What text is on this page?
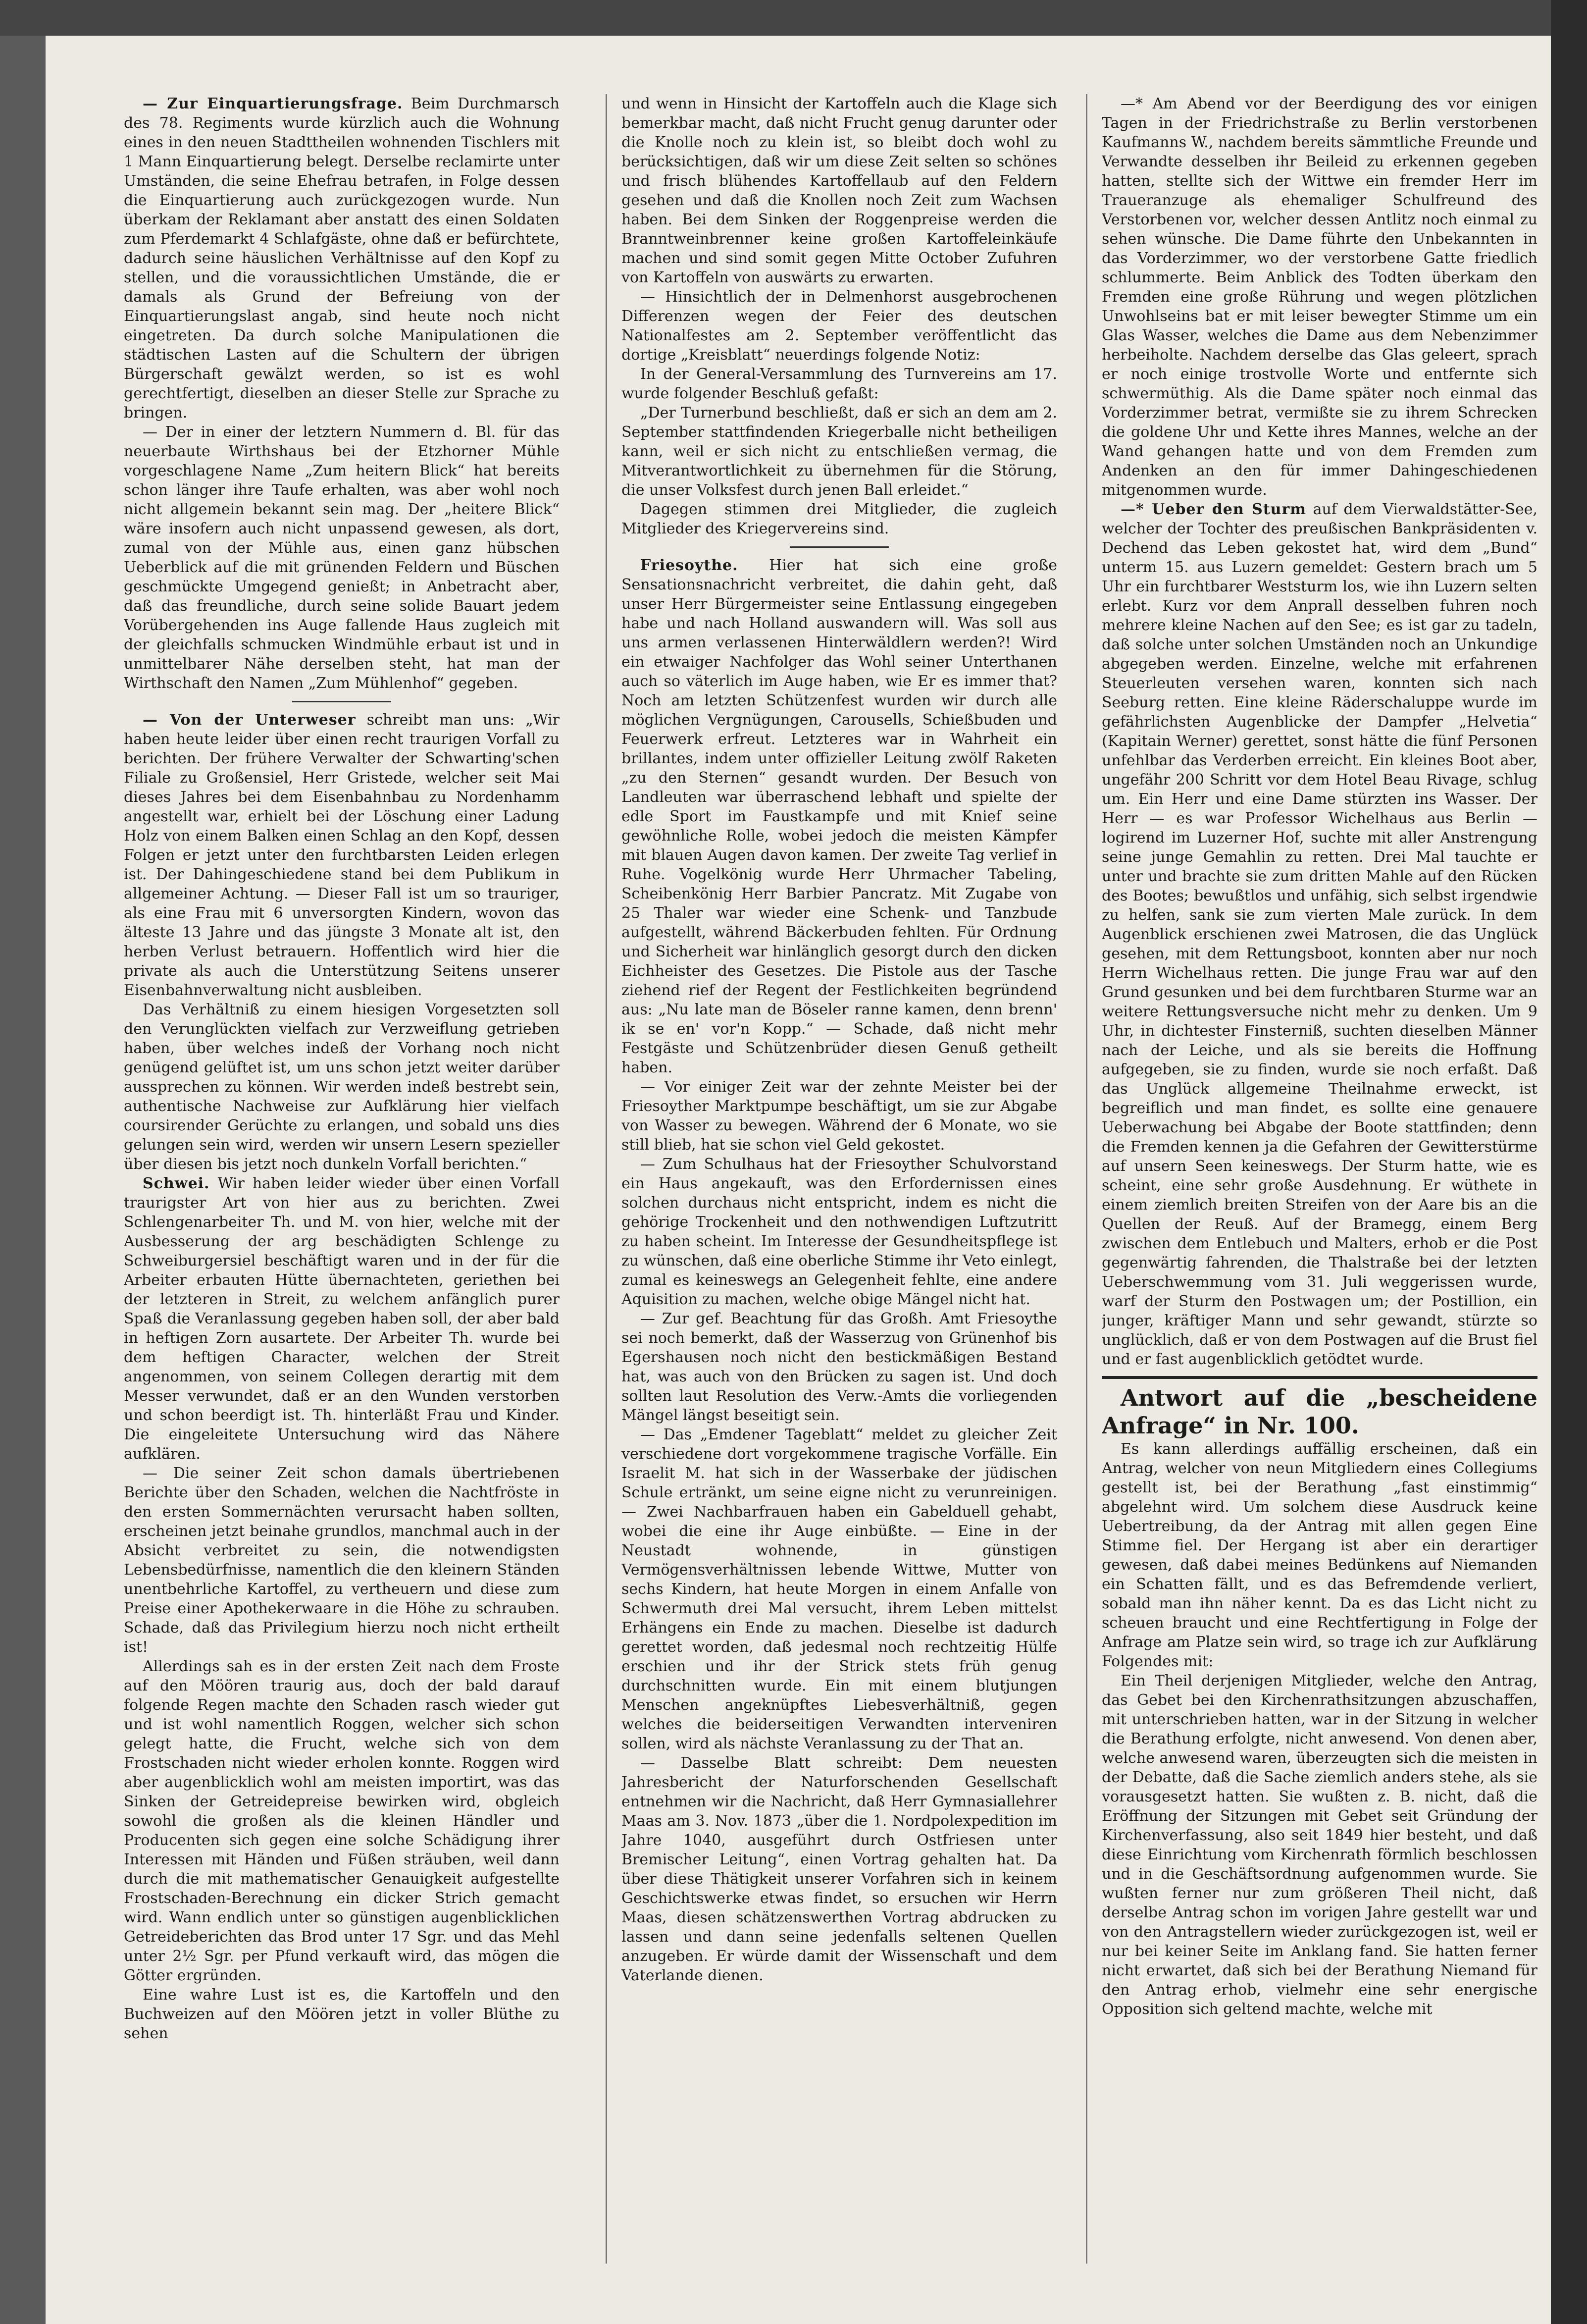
— Zur Einquartierungsfrage. Beim Durchmarsch des 78. Regiments wurde kürzlich auch die Wohnung eines in den neuen Stadttheilen wohnenden Tischlers mit 1 Mann Einquartierung belegt. Derselbe reclamirte unter Umständen, die seine Ehefrau betrafen, in Folge dessen die Einquartierung auch zurückgezogen wurde. Nun überkam der Reklamant aber anstatt des einen Soldaten zum Pferdemarkt 4 Schlafgäste, ohne daß er befürchtete, dadurch seine häuslichen Verhältnisse auf den Kopf zu stellen, und die voraussichtlichen Umstände, die er damals als Grund der Befreiung von der Einquartierungslast angab, sind heute noch nicht eingetreten. Da durch solche Manipulationen die städtischen Lasten auf die Schultern der übrigen Bürgerschaft gewälzt werden, so ist es wohl gerechtfertigt, dieselben an dieser Stelle zur Sprache zu bringen.

— Der in einer der letztern Nummern d. Bl. für das neuerbaute Wirthshaus bei der Etzhorner Mühle vorgeschlagene Name „Zum heitern Blick“ hat bereits schon länger ihre Taufe erhalten, was aber wohl noch nicht allgemein bekannt sein mag. Der „heitere Blick“ wäre insofern auch nicht unpassend gewesen, als dort, zumal von der Mühle aus, einen ganz hübschen Ueberblick auf die mit grünenden Feldern und Büschen geschmückte Umgegend genießt; in Anbetracht aber, daß das freundliche, durch seine solide Bauart jedem Vorübergehenden ins Auge fallende Haus zugleich mit der gleichfalls schmucken Windmühle erbaut ist und in unmittelbarer Nähe derselben steht, hat man der Wirthschaft den Namen „Zum Mühlenhof“ gegeben.

— Von der Unterweser schreibt man uns: „Wir haben heute leider über einen recht traurigen Vorfall zu berichten. Der frühere Verwalter der Schwarting'schen Filiale zu Großensiel, Herr Gristede, welcher seit Mai dieses Jahres bei dem Eisenbahnbau zu Nordenhamm angestellt war, erhielt bei der Löschung einer Ladung Holz von einem Balken einen Schlag an den Kopf, dessen Folgen er jetzt unter den furchtbarsten Leiden erlegen ist. Der Dahingeschiedene stand bei dem Publikum in allgemeiner Achtung. — Dieser Fall ist um so trauriger, als eine Frau mit 6 unversorgten Kindern, wovon das älteste 13 Jahre und das jüngste 3 Monate alt ist, den herben Verlust betrauern. Hoffentlich wird hier die private als auch die Unterstützung Seitens unserer Eisenbahnverwaltung nicht ausbleiben.

Das Verhältniß zu einem hiesigen Vorgesetzten soll den Verunglückten vielfach zur Verzweiflung getrieben haben, über welches indeß der Vorhang noch nicht genügend gelüftet ist, um uns schon jetzt weiter darüber aussprechen zu können. Wir werden indeß bestrebt sein, authentische Nachweise zur Aufklärung hier vielfach coursirender Gerüchte zu erlangen, und sobald uns dies gelungen sein wird, werden wir unsern Lesern spezieller über diesen bis jetzt noch dunkeln Vorfall berichten.“

Schwei. Wir haben leider wieder über einen Vorfall traurigster Art von hier aus zu berichten. Zwei Schlengenarbeiter Th. und M. von hier, welche mit der Ausbesserung der arg beschädigten Schlenge zu Schweiburgersiel beschäftigt waren und in der für die Arbeiter erbauten Hütte übernachteten, geriethen bei der letzteren in Streit, zu welchem anfänglich purer Spaß die Veranlassung gegeben haben soll, der aber bald in heftigen Zorn ausartete. Der Arbeiter Th. wurde bei dem heftigen Character, welchen der Streit angenommen, von seinem Collegen derartig mit dem Messer verwundet, daß er an den Wunden verstorben und schon beerdigt ist. Th. hinterläßt Frau und Kinder. Die eingeleitete Untersuchung wird das Nähere aufklären.

— Die seiner Zeit schon damals übertriebenen Berichte über den Schaden, welchen die Nachtfröste in den ersten Sommernächten verursacht haben sollten, erscheinen jetzt beinahe grundlos, manchmal auch in der Absicht verbreitet zu sein, die notwendigsten Lebensbedürfnisse, namentlich die den kleinern Ständen unentbehrliche Kartoffel, zu vertheuern und diese zum Preise einer Apothekerwaare in die Höhe zu schrauben. Schade, daß das Privilegium hierzu noch nicht ertheilt ist!

Allerdings sah es in der ersten Zeit nach dem Froste auf den Möören traurig aus, doch der bald darauf folgende Regen machte den Schaden rasch wieder gut und ist wohl namentlich Roggen, welcher sich schon gelegt hatte, die Frucht, welche sich von dem Frostschaden nicht wieder erholen konnte. Roggen wird aber augenblicklich wohl am meisten importirt, was das Sinken der Getreidepreise bewirken wird, obgleich sowohl die großen als die kleinen Händler und Producenten sich gegen eine solche Schädigung ihrer Interessen mit Händen und Füßen sträuben, weil dann durch die mit mathematischer Genauigkeit aufgestellte Frostschaden-Berechnung ein dicker Strich gemacht wird. Wann endlich unter so günstigen augenblicklichen Getreideberichten das Brod unter 17 Sgr. und das Mehl unter 2½ Sgr. per Pfund verkauft wird, das mögen die Götter ergründen.

Eine wahre Lust ist es, die Kartoffeln und den Buchweizen auf den Möören jetzt in voller Blüthe zu sehen

und wenn in Hinsicht der Kartoffeln auch die Klage sich bemerkbar macht, daß nicht Frucht genug darunter oder die Knolle noch zu klein ist, so bleibt doch wohl zu berücksichtigen, daß wir um diese Zeit selten so schönes und frisch blühendes Kartoffellaub auf den Feldern gesehen und daß die Knollen noch Zeit zum Wachsen haben. Bei dem Sinken der Roggenpreise werden die Branntweinbrenner keine großen Kartoffeleinkäufe machen und sind somit gegen Mitte October Zufuhren von Kartoffeln von auswärts zu erwarten.

— Hinsichtlich der in Delmenhorst ausgebrochenen Differenzen wegen der Feier des deutschen Nationalfestes am 2. September veröffentlicht das dortige „Kreisblatt“ neuerdings folgende Notiz:

In der General-Versammlung des Turnvereins am 17. wurde folgender Beschluß gefaßt:

„Der Turnerbund beschließt, daß er sich an dem am 2. September stattfindenden Kriegerballe nicht betheiligen kann, weil er sich nicht zu entschließen vermag, die Mitverantwortlichkeit zu übernehmen für die Störung, die unser Volksfest durch jenen Ball erleidet.“

Dagegen stimmen drei Mitglieder, die zugleich Mitglieder des Kriegervereins sind.

Friesoythe. Hier hat sich eine große Sensationsnachricht verbreitet, die dahin geht, daß unser Herr Bürgermeister seine Entlassung eingegeben habe und nach Holland auswandern will. Was soll aus uns armen verlassenen Hinterwäldlern werden?! Wird ein etwaiger Nachfolger das Wohl seiner Unterthanen auch so väterlich im Auge haben, wie Er es immer that? Noch am letzten Schützenfest wurden wir durch alle möglichen Vergnügungen, Carousells, Schießbuden und Feuerwerk erfreut. Letzteres war in Wahrheit ein brillantes, indem unter offizieller Leitung zwölf Raketen „zu den Sternen“ gesandt wurden. Der Besuch von Landleuten war überraschend lebhaft und spielte der edle Sport im Faustkampfe und mit Knief seine gewöhnliche Rolle, wobei jedoch die meisten Kämpfer mit blauen Augen davon kamen. Der zweite Tag verlief in Ruhe. Vogelkönig wurde Herr Uhrmacher Tabeling, Scheibenkönig Herr Barbier Pancratz. Mit Zugabe von 25 Thaler war wieder eine Schenk- und Tanzbude aufgestellt, während Bäckerbuden fehlten. Für Ordnung und Sicherheit war hinlänglich gesorgt durch den dicken Eichheister des Gesetzes. Die Pistole aus der Tasche ziehend rief der Regent der Festlichkeiten begründend aus: „Nu late man de Böseler ranne kamen, denn brenn' ik se en' vor'n Kopp.“ — Schade, daß nicht mehr Festgäste und Schützenbrüder diesen Genuß getheilt haben.

— Vor einiger Zeit war der zehnte Meister bei der Friesoyther Marktpumpe beschäftigt, um sie zur Abgabe von Wasser zu bewegen. Während der 6 Monate, wo sie still blieb, hat sie schon viel Geld gekostet.

— Zum Schulhaus hat der Friesoyther Schulvorstand ein Haus angekauft, was den Erfordernissen eines solchen durchaus nicht entspricht, indem es nicht die gehörige Trockenheit und den nothwendigen Luftzutritt zu haben scheint. Im Interesse der Gesundheitspflege ist zu wünschen, daß eine oberliche Stimme ihr Veto einlegt, zumal es keineswegs an Gelegenheit fehlte, eine andere Aquisition zu machen, welche obige Mängel nicht hat.

— Zur gef. Beachtung für das Großh. Amt Friesoythe sei noch bemerkt, daß der Wasserzug von Grünenhof bis Egershausen noch nicht den bestickmäßigen Bestand hat, was auch von den Brücken zu sagen ist. Und doch sollten laut Resolution des Verw.-Amts die vorliegenden Mängel längst beseitigt sein.

— Das „Emdener Tageblatt“ meldet zu gleicher Zeit verschiedene dort vorgekommene tragische Vorfälle. Ein Israelit M. hat sich in der Wasserbake der jüdischen Schule ertränkt, um seine eigne nicht zu verunreinigen. — Zwei Nachbarfrauen haben ein Gabelduell gehabt, wobei die eine ihr Auge einbüßte. — Eine in der Neustadt wohnende, in günstigen Vermögensverhältnissen lebende Wittwe, Mutter von sechs Kindern, hat heute Morgen in einem Anfalle von Schwermuth drei Mal versucht, ihrem Leben mittelst Erhängens ein Ende zu machen. Dieselbe ist dadurch gerettet worden, daß jedesmal noch rechtzeitig Hülfe erschien und ihr der Strick stets früh genug durchschnitten wurde. Ein mit einem blutjungen Menschen angeknüpftes Liebesverhältniß, gegen welches die beiderseitigen Verwandten interveniren sollen, wird als nächste Veranlassung zu der That an.

— Dasselbe Blatt schreibt: Dem neuesten Jahresbericht der Naturforschenden Gesellschaft entnehmen wir die Nachricht, daß Herr Gymnasiallehrer Maas am 3. Nov. 1873 „über die 1. Nordpolexpedition im Jahre 1040, ausgeführt durch Ostfriesen unter Bremischer Leitung“, einen Vortrag gehalten hat. Da über diese Thätigkeit unserer Vorfahren sich in keinem Geschichtswerke etwas findet, so ersuchen wir Herrn Maas, diesen schätzenswerthen Vortrag abdrucken zu lassen und dann seine jedenfalls seltenen Quellen anzugeben. Er würde damit der Wissenschaft und dem Vaterlande dienen.

—* Am Abend vor der Beerdigung des vor einigen Tagen in der Friedrichstraße zu Berlin verstorbenen Kaufmanns W., nachdem bereits sämmtliche Freunde und Verwandte desselben ihr Beileid zu erkennen gegeben hatten, stellte sich der Wittwe ein fremder Herr im Traueranzuge als ehemaliger Schulfreund des Verstorbenen vor, welcher dessen Antlitz noch einmal zu sehen wünsche. Die Dame führte den Unbekannten in das Vorderzimmer, wo der verstorbene Gatte friedlich schlummerte. Beim Anblick des Todten überkam den Fremden eine große Rührung und wegen plötzlichen Unwohlseins bat er mit leiser bewegter Stimme um ein Glas Wasser, welches die Dame aus dem Nebenzimmer herbeiholte. Nachdem derselbe das Glas geleert, sprach er noch einige trostvolle Worte und entfernte sich schwermüthig. Als die Dame später noch einmal das Vorderzimmer betrat, vermißte sie zu ihrem Schrecken die goldene Uhr und Kette ihres Mannes, welche an der Wand gehangen hatte und von dem Fremden zum Andenken an den für immer Dahingeschiedenen mitgenommen wurde.

—* Ueber den Sturm auf dem Vierwaldstätter-See, welcher der Tochter des preußischen Bankpräsidenten v. Dechend das Leben gekostet hat, wird dem „Bund“ unterm 15. aus Luzern gemeldet: Gestern brach um 5 Uhr ein furchtbarer Weststurm los, wie ihn Luzern selten erlebt. Kurz vor dem Anprall desselben fuhren noch mehrere kleine Nachen auf den See; es ist gar zu tadeln, daß solche unter solchen Umständen noch an Unkundige abgegeben werden. Einzelne, welche mit erfahrenen Steuerleuten versehen waren, konnten sich nach Seeburg retten. Eine kleine Räderschaluppe wurde im gefährlichsten Augenblicke der Dampfer „Helvetia“ (Kapitain Werner) gerettet, sonst hätte die fünf Personen unfehlbar das Verderben erreicht. Ein kleines Boot aber, ungefähr 200 Schritt vor dem Hotel Beau Rivage, schlug um. Ein Herr und eine Dame stürzten ins Wasser. Der Herr — es war Professor Wichelhaus aus Berlin — logirend im Luzerner Hof, suchte mit aller Anstrengung seine junge Gemahlin zu retten. Drei Mal tauchte er unter und brachte sie zum dritten Mahle auf den Rücken des Bootes; bewußtlos und unfähig, sich selbst irgendwie zu helfen, sank sie zum vierten Male zurück. In dem Augenblick erschienen zwei Matrosen, die das Unglück gesehen, mit dem Rettungsboot, konnten aber nur noch Herrn Wichelhaus retten. Die junge Frau war auf den Grund gesunken und bei dem furchtbaren Sturme war an weitere Rettungsversuche nicht mehr zu denken. Um 9 Uhr, in dichtester Finsterniß, suchten dieselben Männer nach der Leiche, und als sie bereits die Hoffnung aufgegeben, sie zu finden, wurde sie noch erfaßt. Daß das Unglück allgemeine Theilnahme erweckt, ist begreiflich und man findet, es sollte eine genauere Ueberwachung bei Abgabe der Boote stattfinden; denn die Fremden kennen ja die Gefahren der Gewitterstürme auf unsern Seen keineswegs. Der Sturm hatte, wie es scheint, eine sehr große Ausdehnung. Er wüthete in einem ziemlich breiten Streifen von der Aare bis an die Quellen der Reuß. Auf der Bramegg, einem Berg zwischen dem Entlebuch und Malters, erhob er die Post gegenwärtig fahrenden, die Thalstraße bei der letzten Ueberschwemmung vom 31. Juli weggerissen wurde, warf der Sturm den Postwagen um; der Postillion, ein junger, kräftiger Mann und sehr gewandt, stürzte so unglücklich, daß er von dem Postwagen auf die Brust fiel und er fast augenblicklich getödtet wurde.

Antwort auf die „bescheidene Anfrage“ in Nr. 100.

Es kann allerdings auffällig erscheinen, daß ein Antrag, welcher von neun Mitgliedern eines Collegiums gestellt ist, bei der Berathung „fast einstimmig“ abgelehnt wird. Um solchem diese Ausdruck keine Uebertreibung, da der Antrag mit allen gegen Eine Stimme fiel. Der Hergang ist aber ein derartiger gewesen, daß dabei meines Bedünkens auf Niemanden ein Schatten fällt, und es das Befremdende verliert, sobald man ihn näher kennt. Da es das Licht nicht zu scheuen braucht und eine Rechtfertigung in Folge der Anfrage am Platze sein wird, so trage ich zur Aufklärung Folgendes mit:

Ein Theil derjenigen Mitglieder, welche den Antrag, das Gebet bei den Kirchenrathsitzungen abzuschaffen, mit unterschrieben hatten, war in der Sitzung in welcher die Berathung erfolgte, nicht anwesend. Von denen aber, welche anwesend waren, überzeugten sich die meisten in der Debatte, daß die Sache ziemlich anders stehe, als sie vorausgesetzt hatten. Sie wußten z. B. nicht, daß die Eröffnung der Sitzungen mit Gebet seit Gründung der Kirchenverfassung, also seit 1849 hier besteht, und daß diese Einrichtung vom Kirchenrath förmlich beschlossen und in die Geschäftsordnung aufgenommen wurde. Sie wußten ferner nur zum größeren Theil nicht, daß derselbe Antrag schon im vorigen Jahre gestellt war und von den Antragstellern wieder zurückgezogen ist, weil er nur bei keiner Seite im Anklang fand. Sie hatten ferner nicht erwartet, daß sich bei der Berathung Niemand für den Antrag erhob, vielmehr eine sehr energische Opposition sich geltend machte, welche mit
